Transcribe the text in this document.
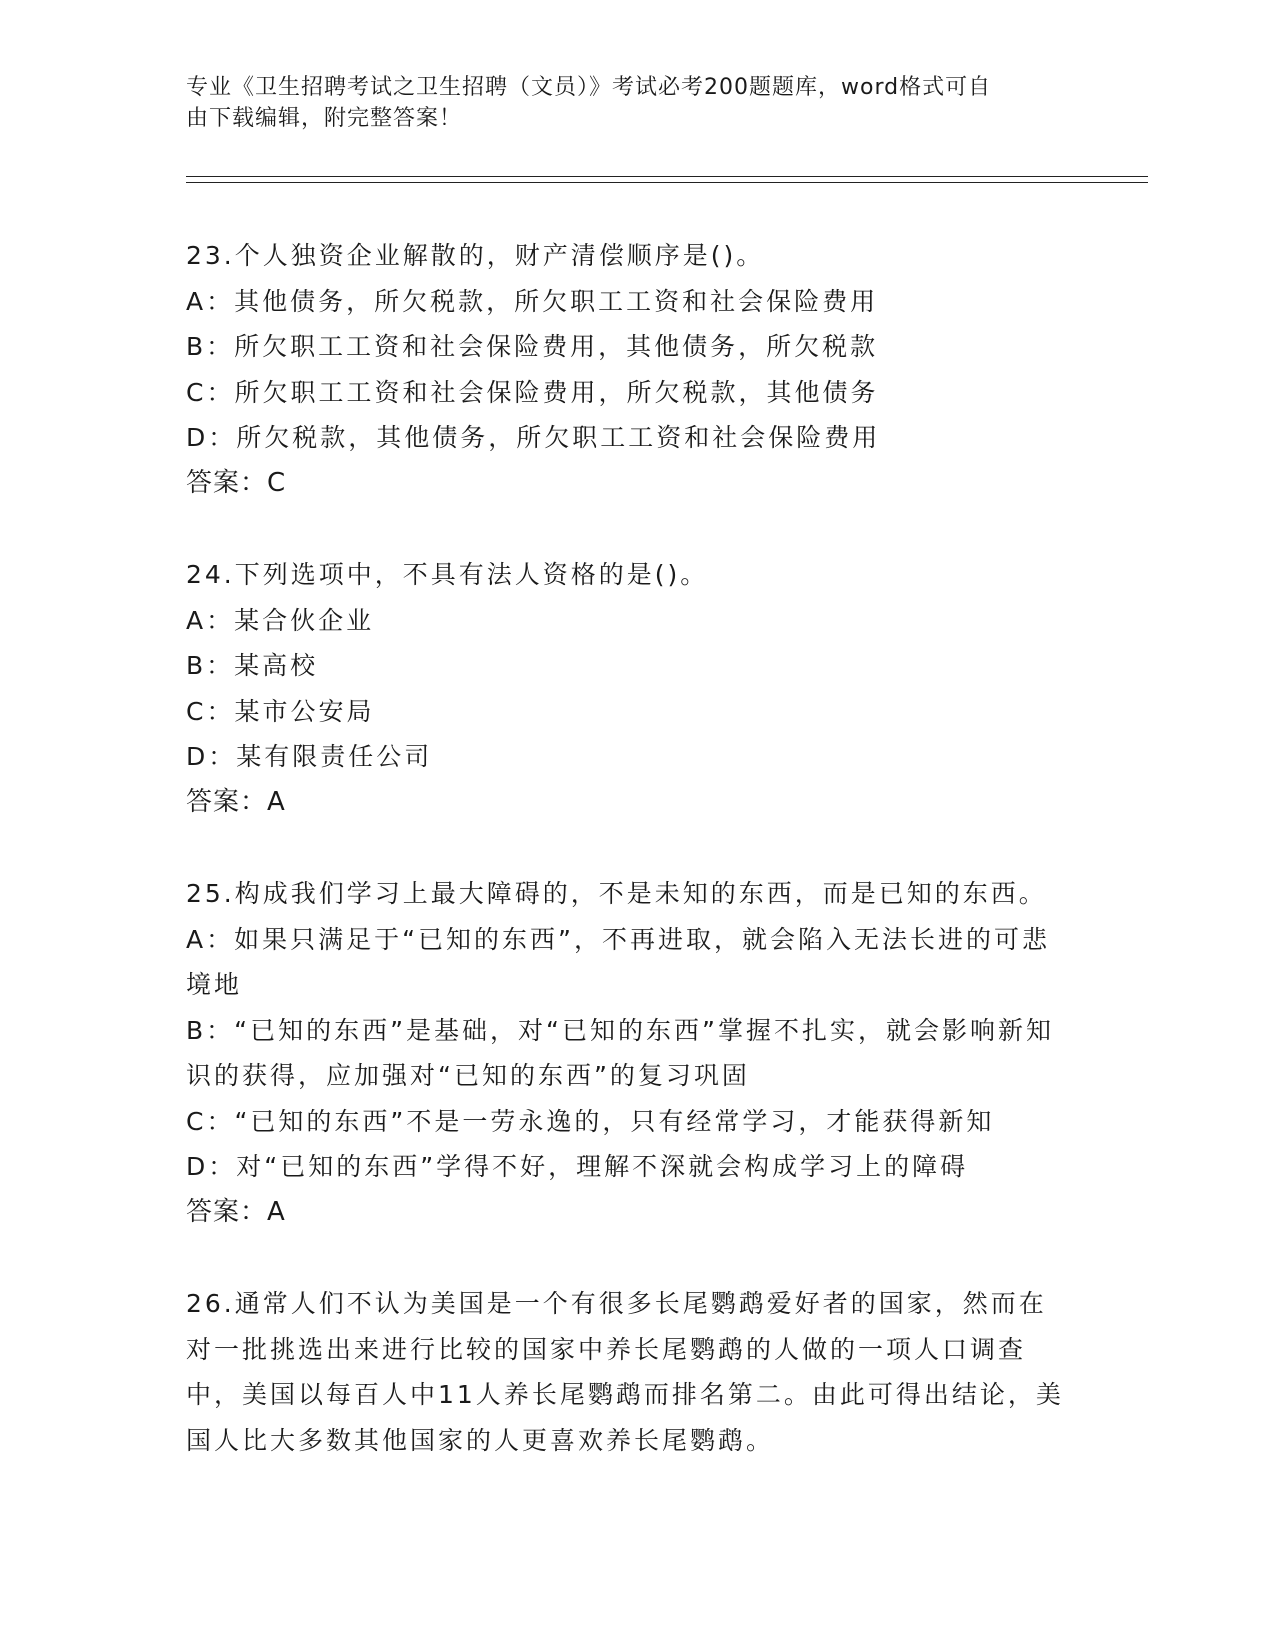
专业《卫生招聘考试之卫生招聘（文员）》考试必考200题题库，word格式可自
由下载编辑，附完整答案！
23.个人独资企业解散的，财产清偿顺序是()。
A：其他债务，所欠税款，所欠职工工资和社会保险费用
B：所欠职工工资和社会保险费用，其他债务，所欠税款
C：所欠职工工资和社会保险费用，所欠税款，其他债务
D：所欠税款，其他债务，所欠职工工资和社会保险费用
答案：C
24.下列选项中，不具有法人资格的是()。
A：某合伙企业
B：某高校
C：某市公安局
D：某有限责任公司
答案：A
25.构成我们学习上最大障碍的，不是未知的东西，而是已知的东西。
A：如果只满足于“已知的东西”，不再进取，就会陷入无法长进的可悲境地
B：“已知的东西”是基础，对“已知的东西”掌握不扎实，就会影响新知识的获得，应加强对“已知的东西”的复习巩固
C：“已知的东西”不是一劳永逸的，只有经常学习，才能获得新知
D：对“已知的东西”学得不好，理解不深就会构成学习上的障碍
答案：A
26.通常人们不认为美国是一个有很多长尾鹦鹉爱好者的国家，然而在对一批挑选出来进行比较的国家中养长尾鹦鹉的人做的一项人口调查中，美国以每百人中11人养长尾鹦鹉而排名第二。由此可得出结论，美国人比大多数其他国家的人更喜欢养长尾鹦鹉。
